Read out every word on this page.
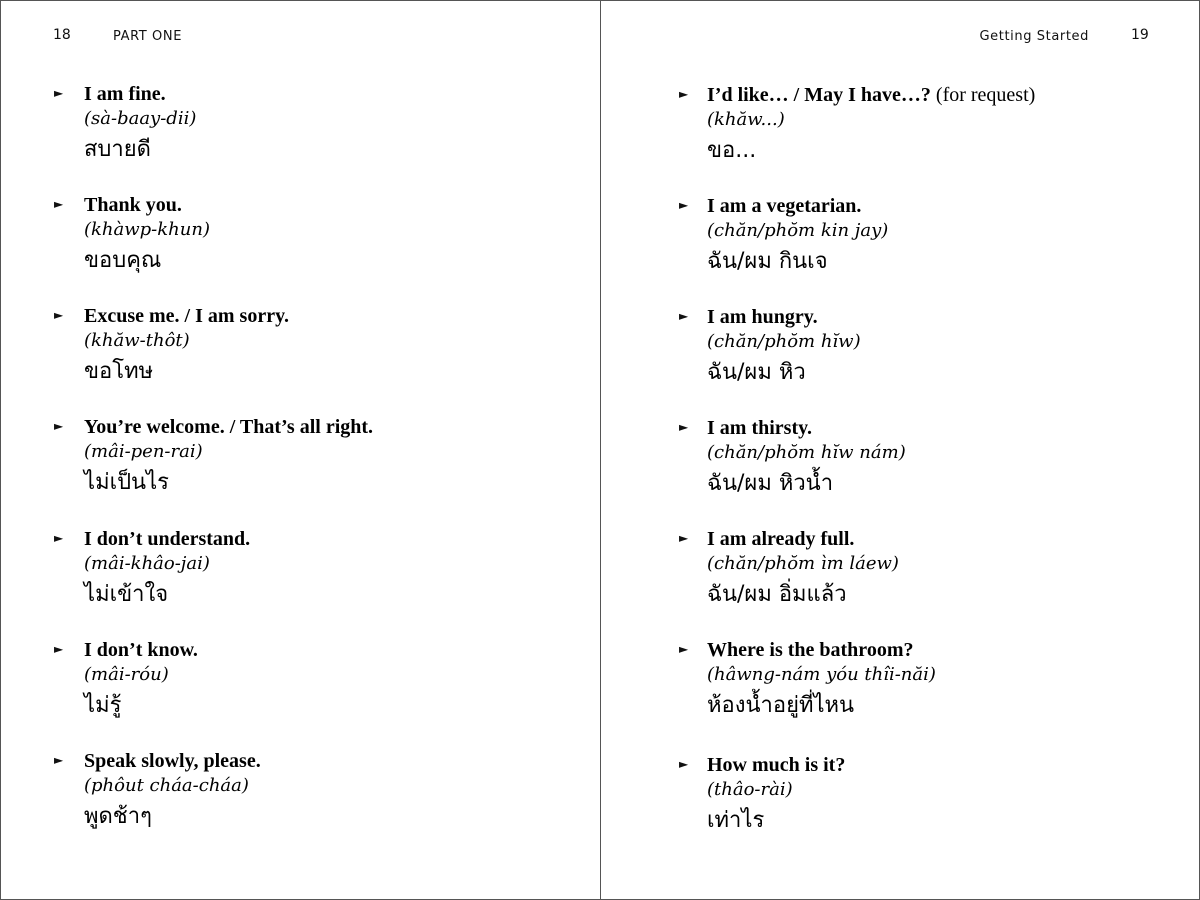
18	PART ONE
► I am fine.
(sà-baay-dii)
สบายดี
► Thank you.
(khàwp-khun)
ขอบคุณ
► Excuse me. / I am sorry.
(khăw-thôt)
ขอโทษ
► You’re welcome. / That’s all right.
(mâi-pen-rai)
ไม่เป็นไร
► I don’t understand.
(mâi-khâo-jai)
ไม่เข้าใจ
► I don’t know.
(mâi-róu)
ไม่รู้
► Speak slowly, please.
(phôut cháa-cháa)
พูดช้าๆ
Getting Started	19
► I’d like… / May I have…? (for request)
(khăw...)
ขอ...
► I am a vegetarian.
(chăn/phŏm kin jay)
ฉัน/ผม กินเจ
► I am hungry.
(chăn/phŏm hĭw)
ฉัน/ผม หิว
► I am thirsty.
(chăn/phŏm hĭw nám)
ฉัน/ผม หิวน้ำ
► I am already full.
(chăn/phŏm ìm láew)
ฉัน/ผม อิ่มแล้ว
► Where is the bathroom?
(hâwng-nám yóu thîi-năi)
ห้องน้ำอยู่ที่ไหน
► How much is it?
(thâo-rài)
เท่าไร
